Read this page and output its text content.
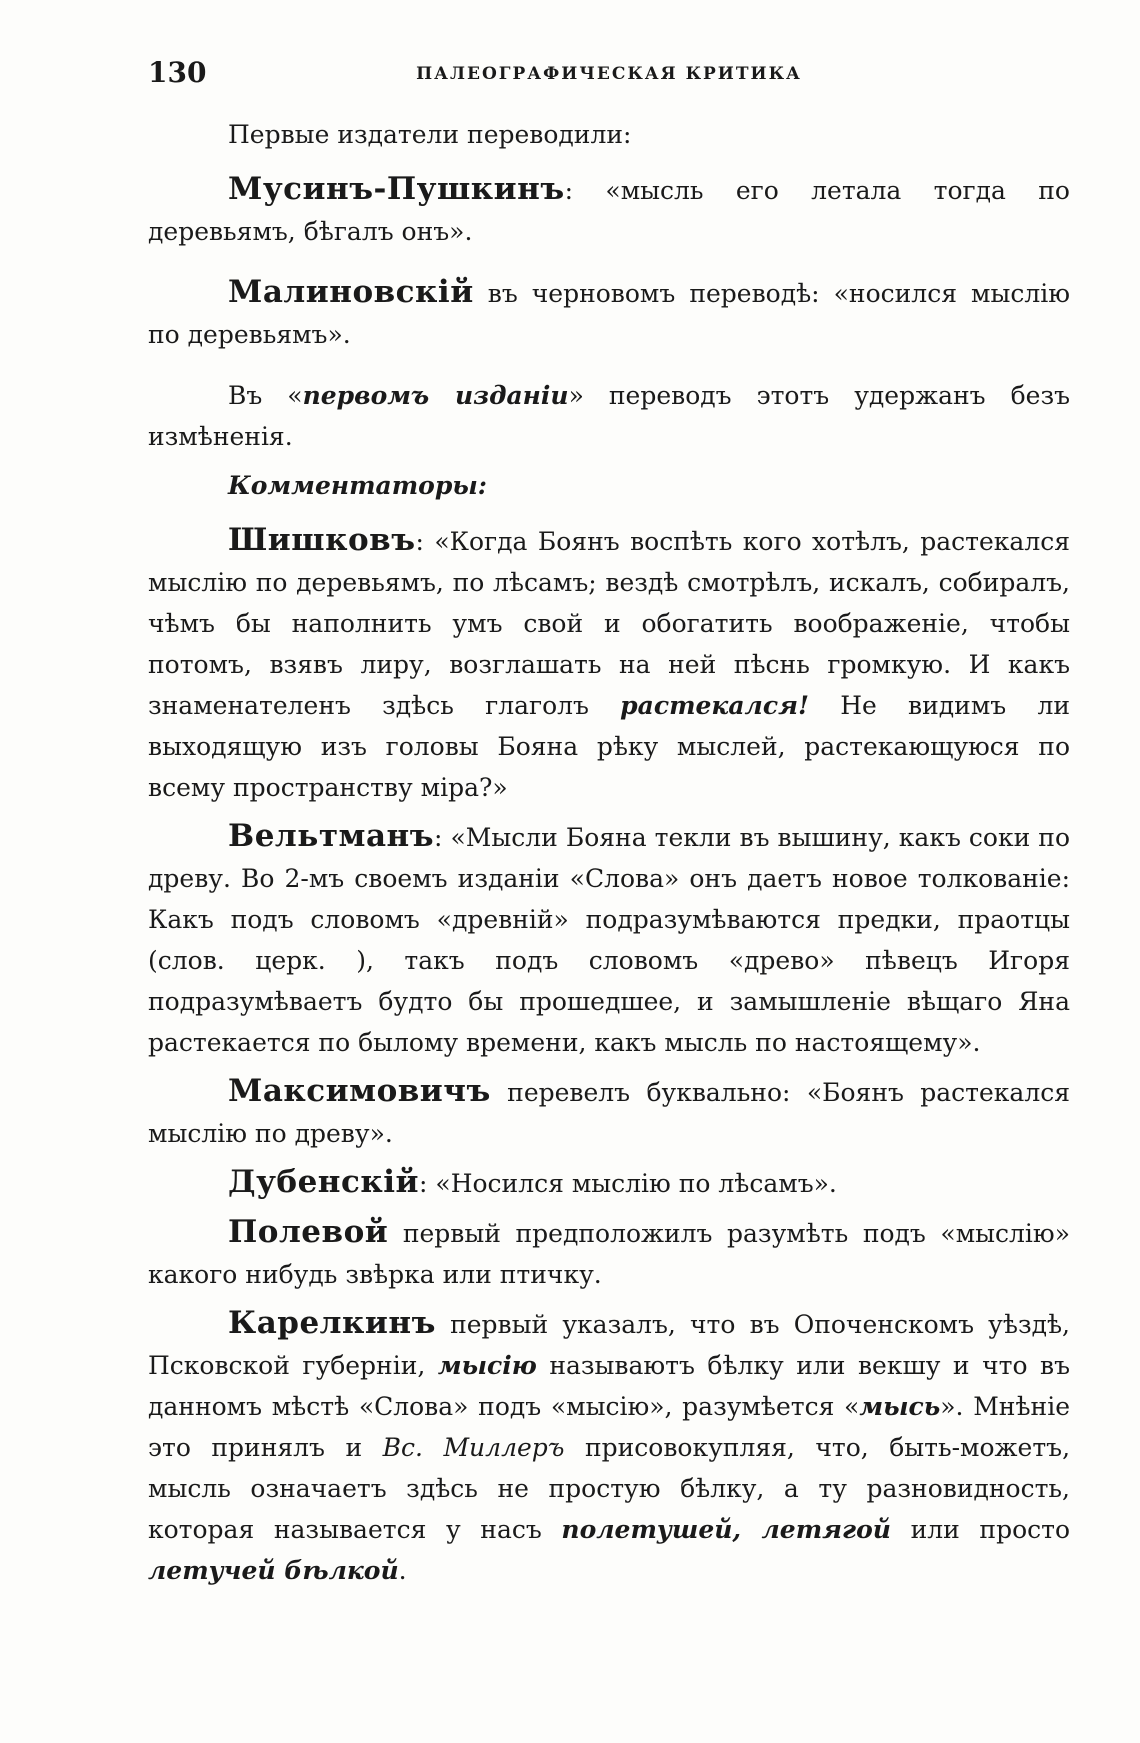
130	ПАЛЕОГРАФИЧЕСКАЯ КРИТИКА

Первые издатели переводили:

Мусинъ-Пушкинъ: «мысль его летала тогда по деревьямъ, бѣгалъ онъ».

Малиновскій въ черновомъ переводѣ: «носился мыслію по деревьямъ».

Въ «первомъ изданіи» переводъ этотъ удержанъ безъ измѣненія.

Комментаторы:

Шишковъ: «Когда Боянъ воспѣть кого хотѣлъ, растекался мыслію по деревьямъ, по лѣсамъ; вездѣ смотрѣлъ, искалъ, собиралъ, чѣмъ бы наполнить умъ свой и обогатить воображеніе, чтобы потомъ, взявъ лиру, возглашать на ней пѣснь громкую. И какъ знаменателенъ здѣсь глаголъ растекался! Не видимъ ли выходящую изъ головы Бояна рѣку мыслей, растекающуюся по всему пространству міра?»

Вельтманъ: «Мысли Бояна текли въ вышину, какъ соки по древу. Во 2-мъ своемъ изданіи «Слова» онъ даетъ новое толкованіе: Какъ подъ словомъ «древній» подразумѣваются предки, праотцы (слов. церк. ), такъ подъ словомъ «древо» пѣвецъ Игоря подразумѣваетъ будто бы прошедшее, и замышленіе вѣщаго Яна растекается по былому времени, какъ мысль по настоящему».

Максимовичъ перевелъ буквально: «Боянъ растекался мыслію по древу».

Дубенскій: «Носился мыслію по лѣсамъ».

Полевой первый предположилъ разумѣть подъ «мыслію» какого нибудь звѣрка или птичку.

Карелкинъ первый указалъ, что въ Опоченскомъ уѣздѣ, Псковской губерніи, мысію называютъ бѣлку или векшу и что въ данномъ мѣстѣ «Слова» подъ «мысію», разумѣется «мысь». Мнѣніе это принялъ и Вс. Миллеръ присовокупляя, что, быть-можетъ, мысль означаетъ здѣсь не простую бѣлку, а ту разновидность, которая называется у насъ полетушей, летягой или просто летучей бѣлкой.
